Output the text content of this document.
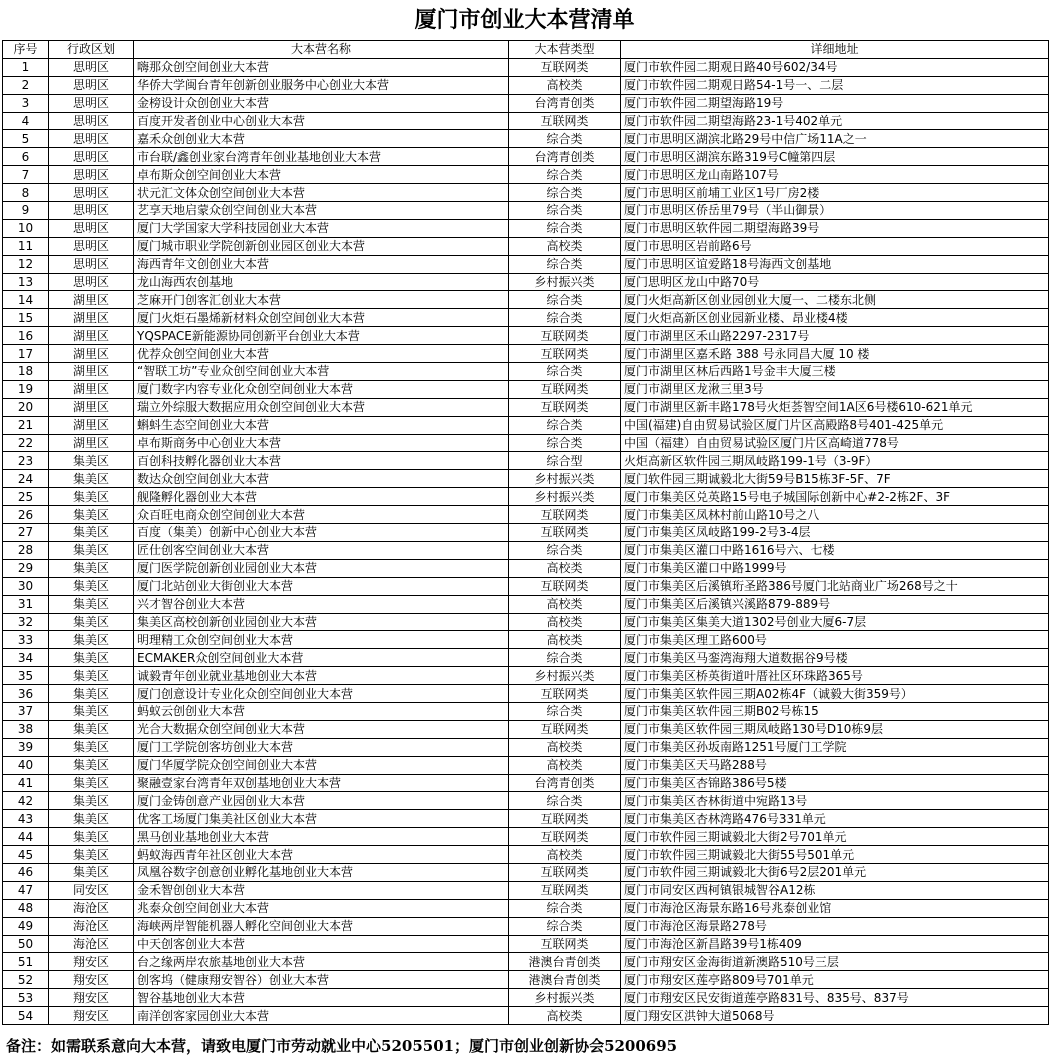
厦门市创业大本营清单
序号	行政区划	大本营名称	大本营类型	详细地址
1	思明区	嗨那众创空间创业大本营	互联网类	厦门市软件园二期观日路40号602/34号
2	思明区	华侨大学闽台青年创新创业服务中心创业大本营	高校类	厦门市软件园二期观日路54-1号一、二层
3	思明区	金榜设计众创创业大本营	台湾青创类	厦门市软件园二期望海路19号
4	思明区	百度开发者创业中心创业大本营	互联网类	厦门市软件园二期望海路23-1号402单元
5	思明区	嘉禾众创创业大本营	综合类	厦门市思明区湖滨北路29号中信广场11A之一
6	思明区	市台联/鑫创业家台湾青年创业基地创业大本营	台湾青创类	厦门市思明区湖滨东路319号C幢第四层
7	思明区	卓布斯众创空间创业大本营	综合类	厦门市思明区龙山南路107号
8	思明区	状元汇文体众创空间创业大本营	综合类	厦门市思明区前埔工业区1号厂房2楼
9	思明区	艺享天地启蒙众创空间创业大本营	综合类	厦门市思明区侨岳里79号（半山御景）
10	思明区	厦门大学国家大学科技园创业大本营	综合类	厦门市思明区软件园二期望海路39号
11	思明区	厦门城市职业学院创新创业园区创业大本营	高校类	厦门市思明区岩前路6号
12	思明区	海西青年文创创业大本营	综合类	厦门市思明区谊爱路18号海西文创基地
13	思明区	龙山海西农创基地	乡村振兴类	厦门思明区龙山中路70号
14	湖里区	芝麻开门创客汇创业大本营	综合类	厦门火炬高新区创业园创业大厦一、二楼东北侧
15	湖里区	厦门火炬石墨烯新材料众创空间创业大本营	综合类	厦门火炬高新区创业园新业楼、昂业楼4楼
16	湖里区	YQSPACE新能源协同创新平台创业大本营	互联网类	厦门市湖里区禾山路2297-2317号
17	湖里区	优荐众创空间创业大本营	互联网类	厦门市湖里区嘉禾路 388 号永同昌大厦 10 楼
18	湖里区	“智联工坊”专业众创空间创业大本营	综合类	厦门市湖里区林后西路1号金丰大厦三楼
19	湖里区	厦门数字内容专业化众创空间创业大本营	互联网类	厦门市湖里区龙湫三里3号
20	湖里区	瑞立外综服大数据应用众创空间创业大本营	互联网类	厦门市湖里区新丰路178号火炬荟智空间1A区6号楼610-621单元
21	湖里区	蝌蚪生态空间创业大本营	综合类	中国(福建)自由贸易试验区厦门片区高殿路8号401-425单元
22	湖里区	卓布斯商务中心创业大本营	综合类	中国（福建）自由贸易试验区厦门片区高崎道778号
23	集美区	百创科技孵化器创业大本营	综合型	火炬高新区软件园三期凤岐路199-1号（3-9F）
24	集美区	数达众创空间创业大本营	乡村振兴类	厦门软件园三期诚毅北大街59号B15栋3F-5F、7F
25	集美区	舰隆孵化器创业大本营	乡村振兴类	厦门市集美区兑英路15号电子城国际创新中心#2-2栋2F、3F
26	集美区	众百旺电商众创空间创业大本营	互联网类	厦门市集美区凤林村前山路10号之八
27	集美区	百度（集美）创新中心创业大本营	互联网类	厦门市集美区凤岐路199-2号3-4层
28	集美区	匠仕创客空间创业大本营	综合类	厦门市集美区灌口中路1616号六、七楼
29	集美区	厦门医学院创新创业园创业大本营	高校类	厦门市集美区灌口中路1999号
30	集美区	厦门北站创业大街创业大本营	互联网类	厦门市集美区后溪镇珩圣路386号厦门北站商业广场268号之十
31	集美区	兴才智谷创业大本营	高校类	厦门市集美区后溪镇兴溪路879-889号
32	集美区	集美区高校创新创业园创业大本营	高校类	厦门市集美区集美大道1302号创业大厦6-7层
33	集美区	明理精工众创空间创业大本营	高校类	厦门市集美区理工路600号
34	集美区	ECMAKER众创空间创业大本营	综合类	厦门市集美区马銮湾海翔大道数据谷9号楼
35	集美区	诚毅青年创业就业基地创业大本营	乡村振兴类	厦门市集美区桥英街道叶厝社区环珠路365号
36	集美区	厦门创意设计专业化众创空间创业大本营	互联网类	厦门市集美区软件园三期A02栋4F（诚毅大街359号）
37	集美区	蚂蚁云创创业大本营	综合类	厦门市集美区软件园三期B02号栋15
38	集美区	光合大数据众创空间创业大本营	互联网类	厦门市集美区软件园三期凤岐路130号D10栋9层
39	集美区	厦门工学院创客坊创业大本营	高校类	厦门市集美区孙坂南路1251号厦门工学院
40	集美区	厦门华厦学院众创空间创业大本营	高校类	厦门市集美区天马路288号
41	集美区	聚融壹家台湾青年双创基地创业大本营	台湾青创类	厦门市集美区杏锦路386号5楼
42	集美区	厦门金铸创意产业园创业大本营	综合类	厦门市集美区杏林街道中宛路13号
43	集美区	优客工场厦门集美社区创业大本营	互联网类	厦门市集美区杏林湾路476号331单元
44	集美区	黑马创业基地创业大本营	互联网类	厦门市软件园三期诚毅北大街2号701单元
45	集美区	蚂蚁海西青年社区创业大本营	高校类	厦门市软件园三期诚毅北大街55号501单元
46	集美区	凤凰谷数字创意创业孵化基地创业大本营	互联网类	厦门市软件园三期诚毅北大街6号2层201单元
47	同安区	金禾智创创业大本营	互联网类	厦门市同安区西柯镇银城智谷A12栋
48	海沧区	兆泰众创空间创业大本营	综合类	厦门市海沧区海景东路16号兆泰创业馆
49	海沧区	海峡两岸智能机器人孵化空间创业大本营	综合类	厦门市海沧区海景路278号
50	海沧区	中天创客创业大本营	互联网类	厦门市海沧区新昌路39号1栋409
51	翔安区	台之缘两岸农旅基地创业大本营	港澳台青创类	厦门市翔安区金海街道新澳路510号三层
52	翔安区	创客坞（健康翔安智谷）创业大本营	港澳台青创类	厦门市翔安区莲亭路809号701单元
53	翔安区	智谷基地创业大本营	乡村振兴类	厦门市翔安区民安街道莲亭路831号、835号、837号
54	翔安区	南洋创客家园创业大本营	高校类	厦门翔安区洪钟大道5068号
备注：如需联系意向大本营，请致电厦门市劳动就业中心5205501；厦门市创业创新协会5200695
